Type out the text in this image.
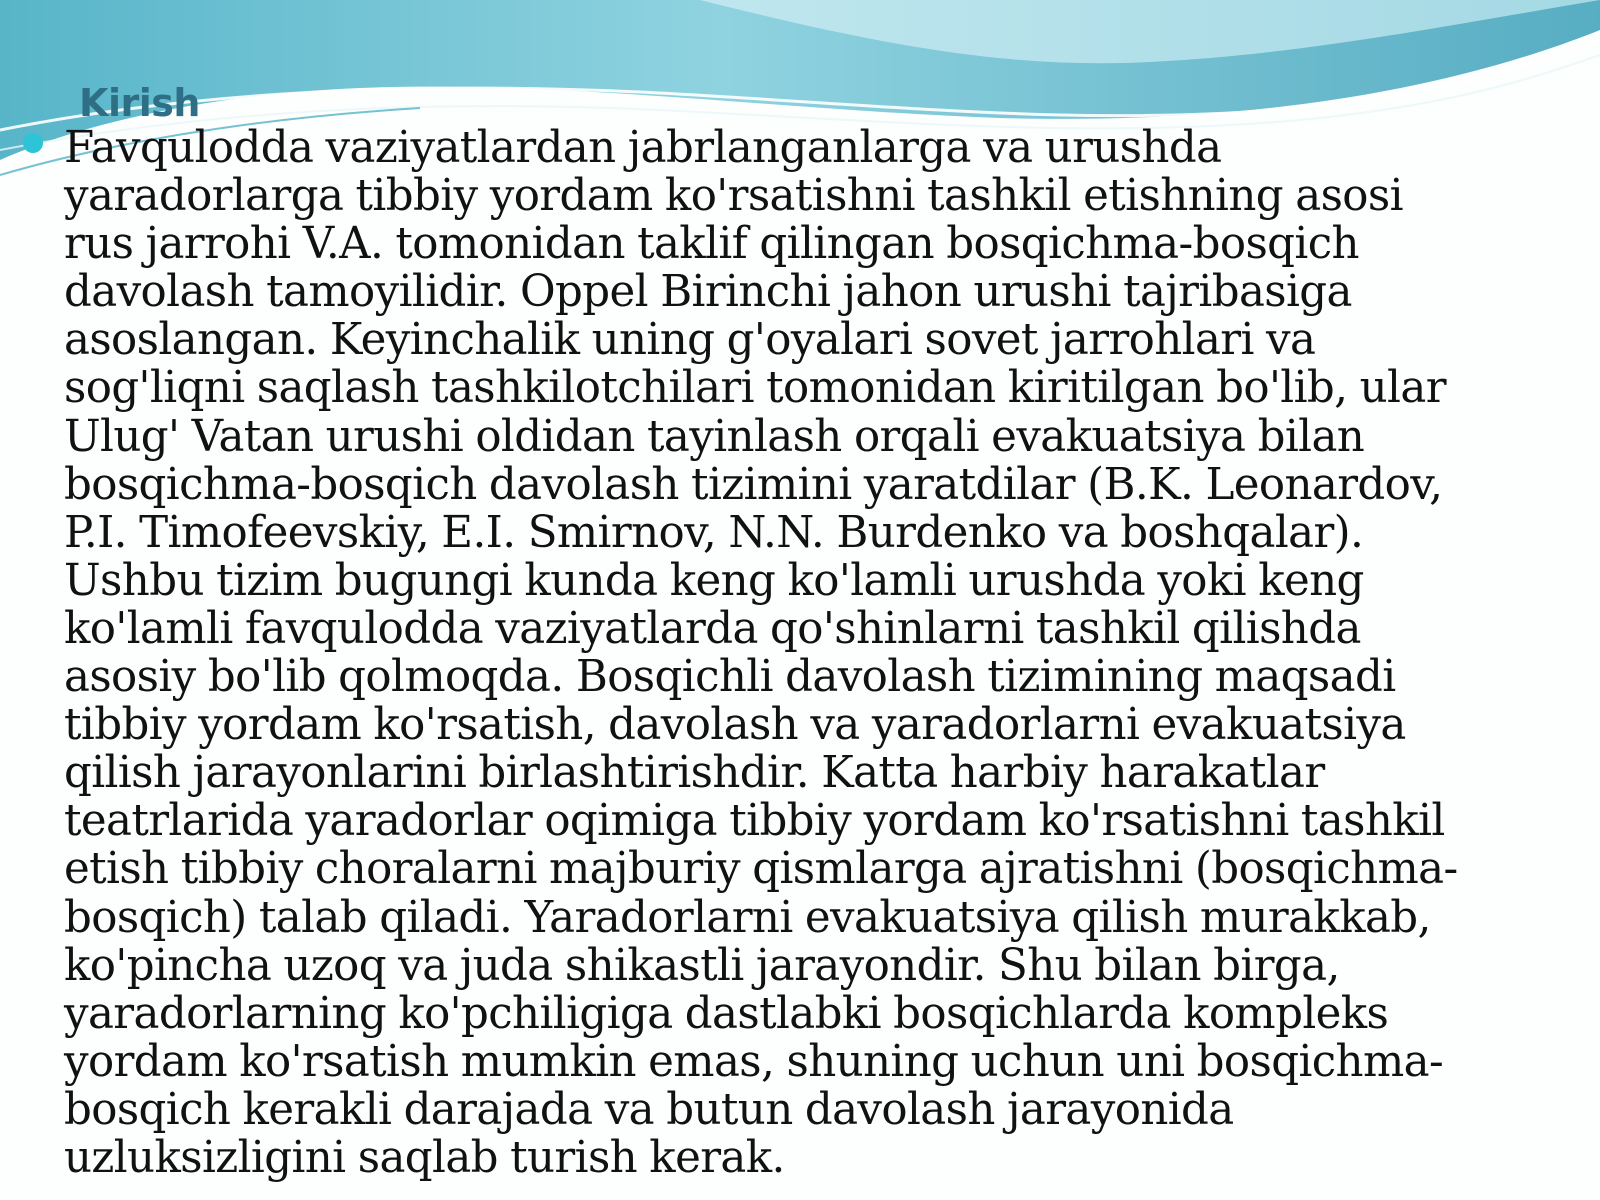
Kirish

Favqulodda vaziyatlardan jabrlanganlarga va urushda
yaradorlarga tibbiy yordam ko'rsatishni tashkil etishning asosi
rus jarrohi V.A. tomonidan taklif qilingan bosqichma-bosqich
davolash tamoyilidir. Oppel Birinchi jahon urushi tajribasiga
asoslangan. Keyinchalik uning g'oyalari sovet jarrohlari va
sog'liqni saqlash tashkilotchilari tomonidan kiritilgan bo'lib, ular
Ulug' Vatan urushi oldidan tayinlash orqali evakuatsiya bilan
bosqichma-bosqich davolash tizimini yaratdilar (B.K. Leonardov,
P.I. Timofeevskiy, E.I. Smirnov, N.N. Burdenko va boshqalar).
Ushbu tizim bugungi kunda keng ko'lamli urushda yoki keng
ko'lamli favqulodda vaziyatlarda qo'shinlarni tashkil qilishda
asosiy bo'lib qolmoqda. Bosqichli davolash tizimining maqsadi
tibbiy yordam ko'rsatish, davolash va yaradorlarni evakuatsiya
qilish jarayonlarini birlashtirishdir. Katta harbiy harakatlar
teatrlarida yaradorlar oqimiga tibbiy yordam ko'rsatishni tashkil
etish tibbiy choralarni majburiy qismlarga ajratishni (bosqichma-
bosqich) talab qiladi. Yaradorlarni evakuatsiya qilish murakkab,
ko'pincha uzoq va juda shikastli jarayondir. Shu bilan birga,
yaradorlarning ko'pchiligiga dastlabki bosqichlarda kompleks
yordam ko'rsatish mumkin emas, shuning uchun uni bosqichma-
bosqich kerakli darajada va butun davolash jarayonida
uzluksizligini saqlab turish kerak.
